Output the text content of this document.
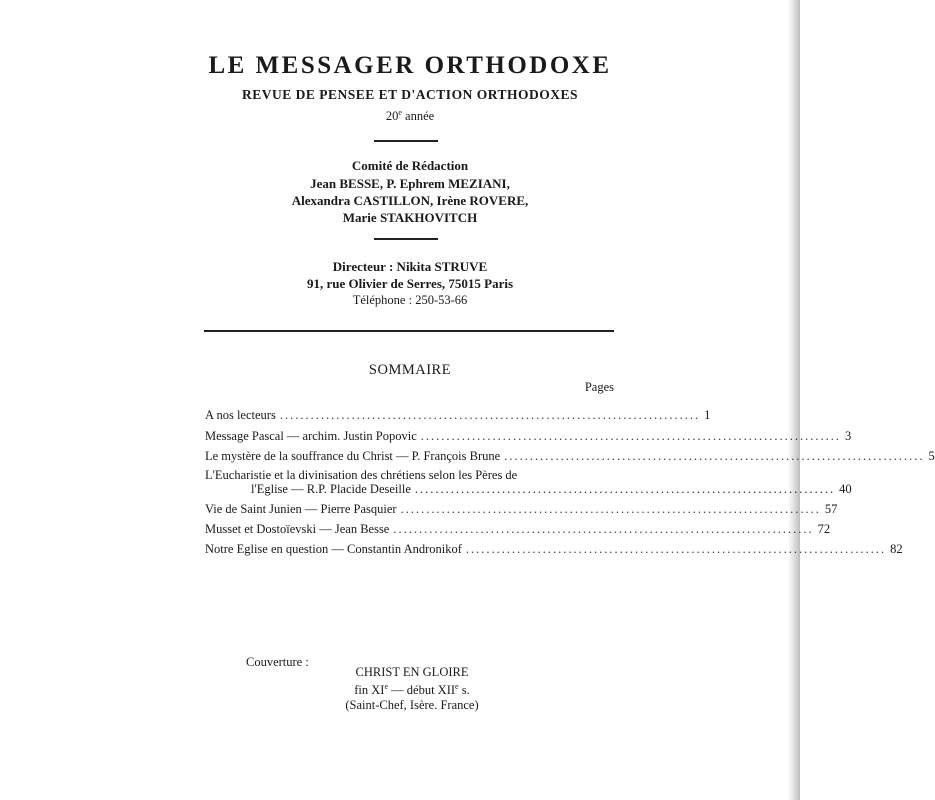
LE MESSAGER ORTHODOXE
REVUE DE PENSEE ET D'ACTION ORTHODOXES
20e année
Comité de Rédaction
Jean BESSE, P. Ephrem MEZIANI,
Alexandra CASTILLON, Irène ROVERE,
Marie STAKHOVITCH
Directeur : Nikita STRUVE
91, rue Olivier de Serres, 75015 Paris
Téléphone : 250-53-66
SOMMAIRE
Pages
A nos lecteurs .................................................................................. 1
Message Pascal — archim. Justin Popovic .................................................................................. 3
Le mystère de la souffrance du Christ — P. François Brune .................................................................................. 5
L'Eucharistie et la divinisation des chrétiens selon les Pères de
l'Eglise — R.P. Placide Deseille .................................................................................. 40
Vie de Saint Junien — Pierre Pasquier .................................................................................. 57
Musset et Dostoïevski — Jean Besse .................................................................................. 72
Notre Eglise en question — Constantin Andronikof .................................................................................. 82
Couverture :
CHRIST EN GLOIRE
fin XIe — début XIIe s.
(Saint-Chef, Isère. France)
